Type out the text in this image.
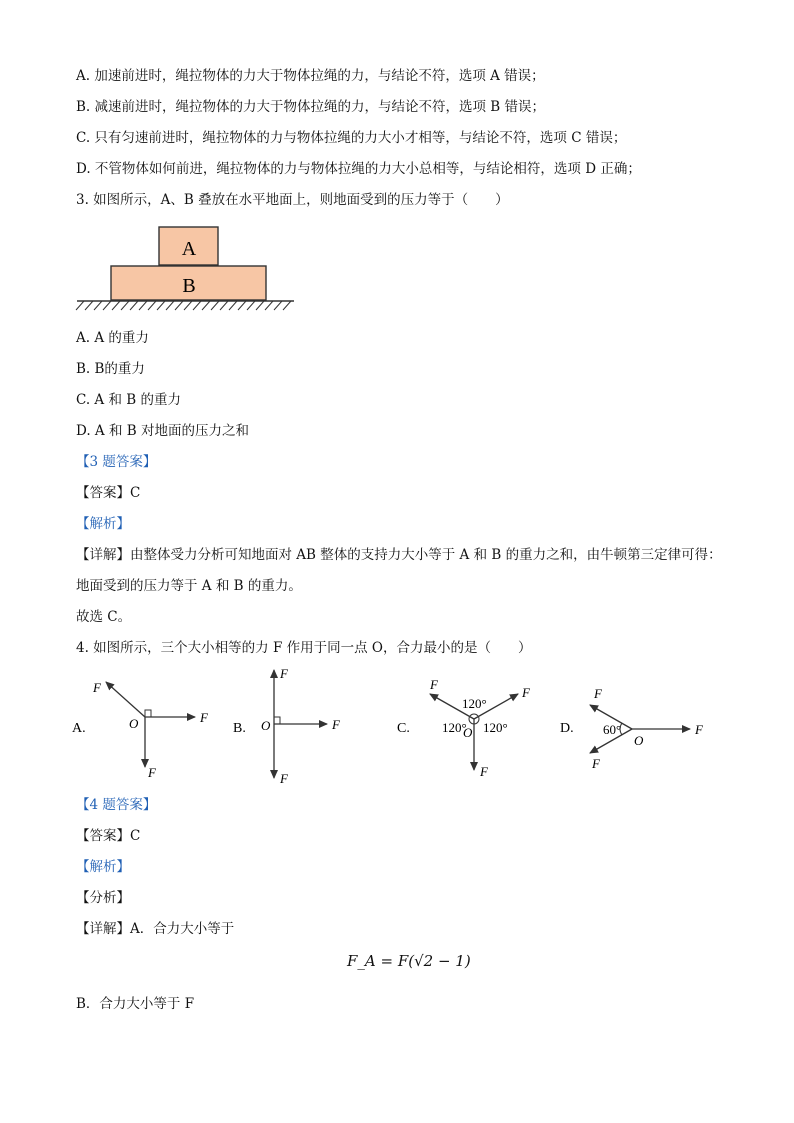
A. 加速前进时，绳拉物体的力大于物体拉绳的力，与结论不符，选项 A 错误；
B. 减速前进时，绳拉物体的力大于物体拉绳的力，与结论不符，选项 B 错误；
C. 只有匀速前进时，绳拉物体的力与物体拉绳的力大小才相等，与结论不符，选项 C 错误；
D. 不管物体如何前进，绳拉物体的力与物体拉绳的力大小总相等，与结论相符，选项 D 正确；
3. 如图所示，A、B 叠放在水平地面上，则地面受到的压力等于（　　）
A
B
A. A 的重力
B. B的重力
C. A 和 B 的重力
D. A 和 B 对地面的压力之和
【3 题答案】
【答案】C
【解析】
【详解】由整体受力分析可知地面对 AB 整体的支持力大小等于 A 和 B 的重力之和，由牛顿第三定律可得：
地面受到的压力等于 A 和 B 的重力。
故选 C。
4. 如图所示，三个大小相等的力 F 作用于同一点 O，合力最小的是（　　）
A.
F
F
F
O	B.
F
F
F
O	C.
F
F
F
O
120°
120° 120°	D.
F
F
F
O
60°
【4 题答案】
【答案】C
【解析】
【分析】
【详解】A．合力大小等于
F_A = F(√2 − 1)
B．合力大小等于 F
